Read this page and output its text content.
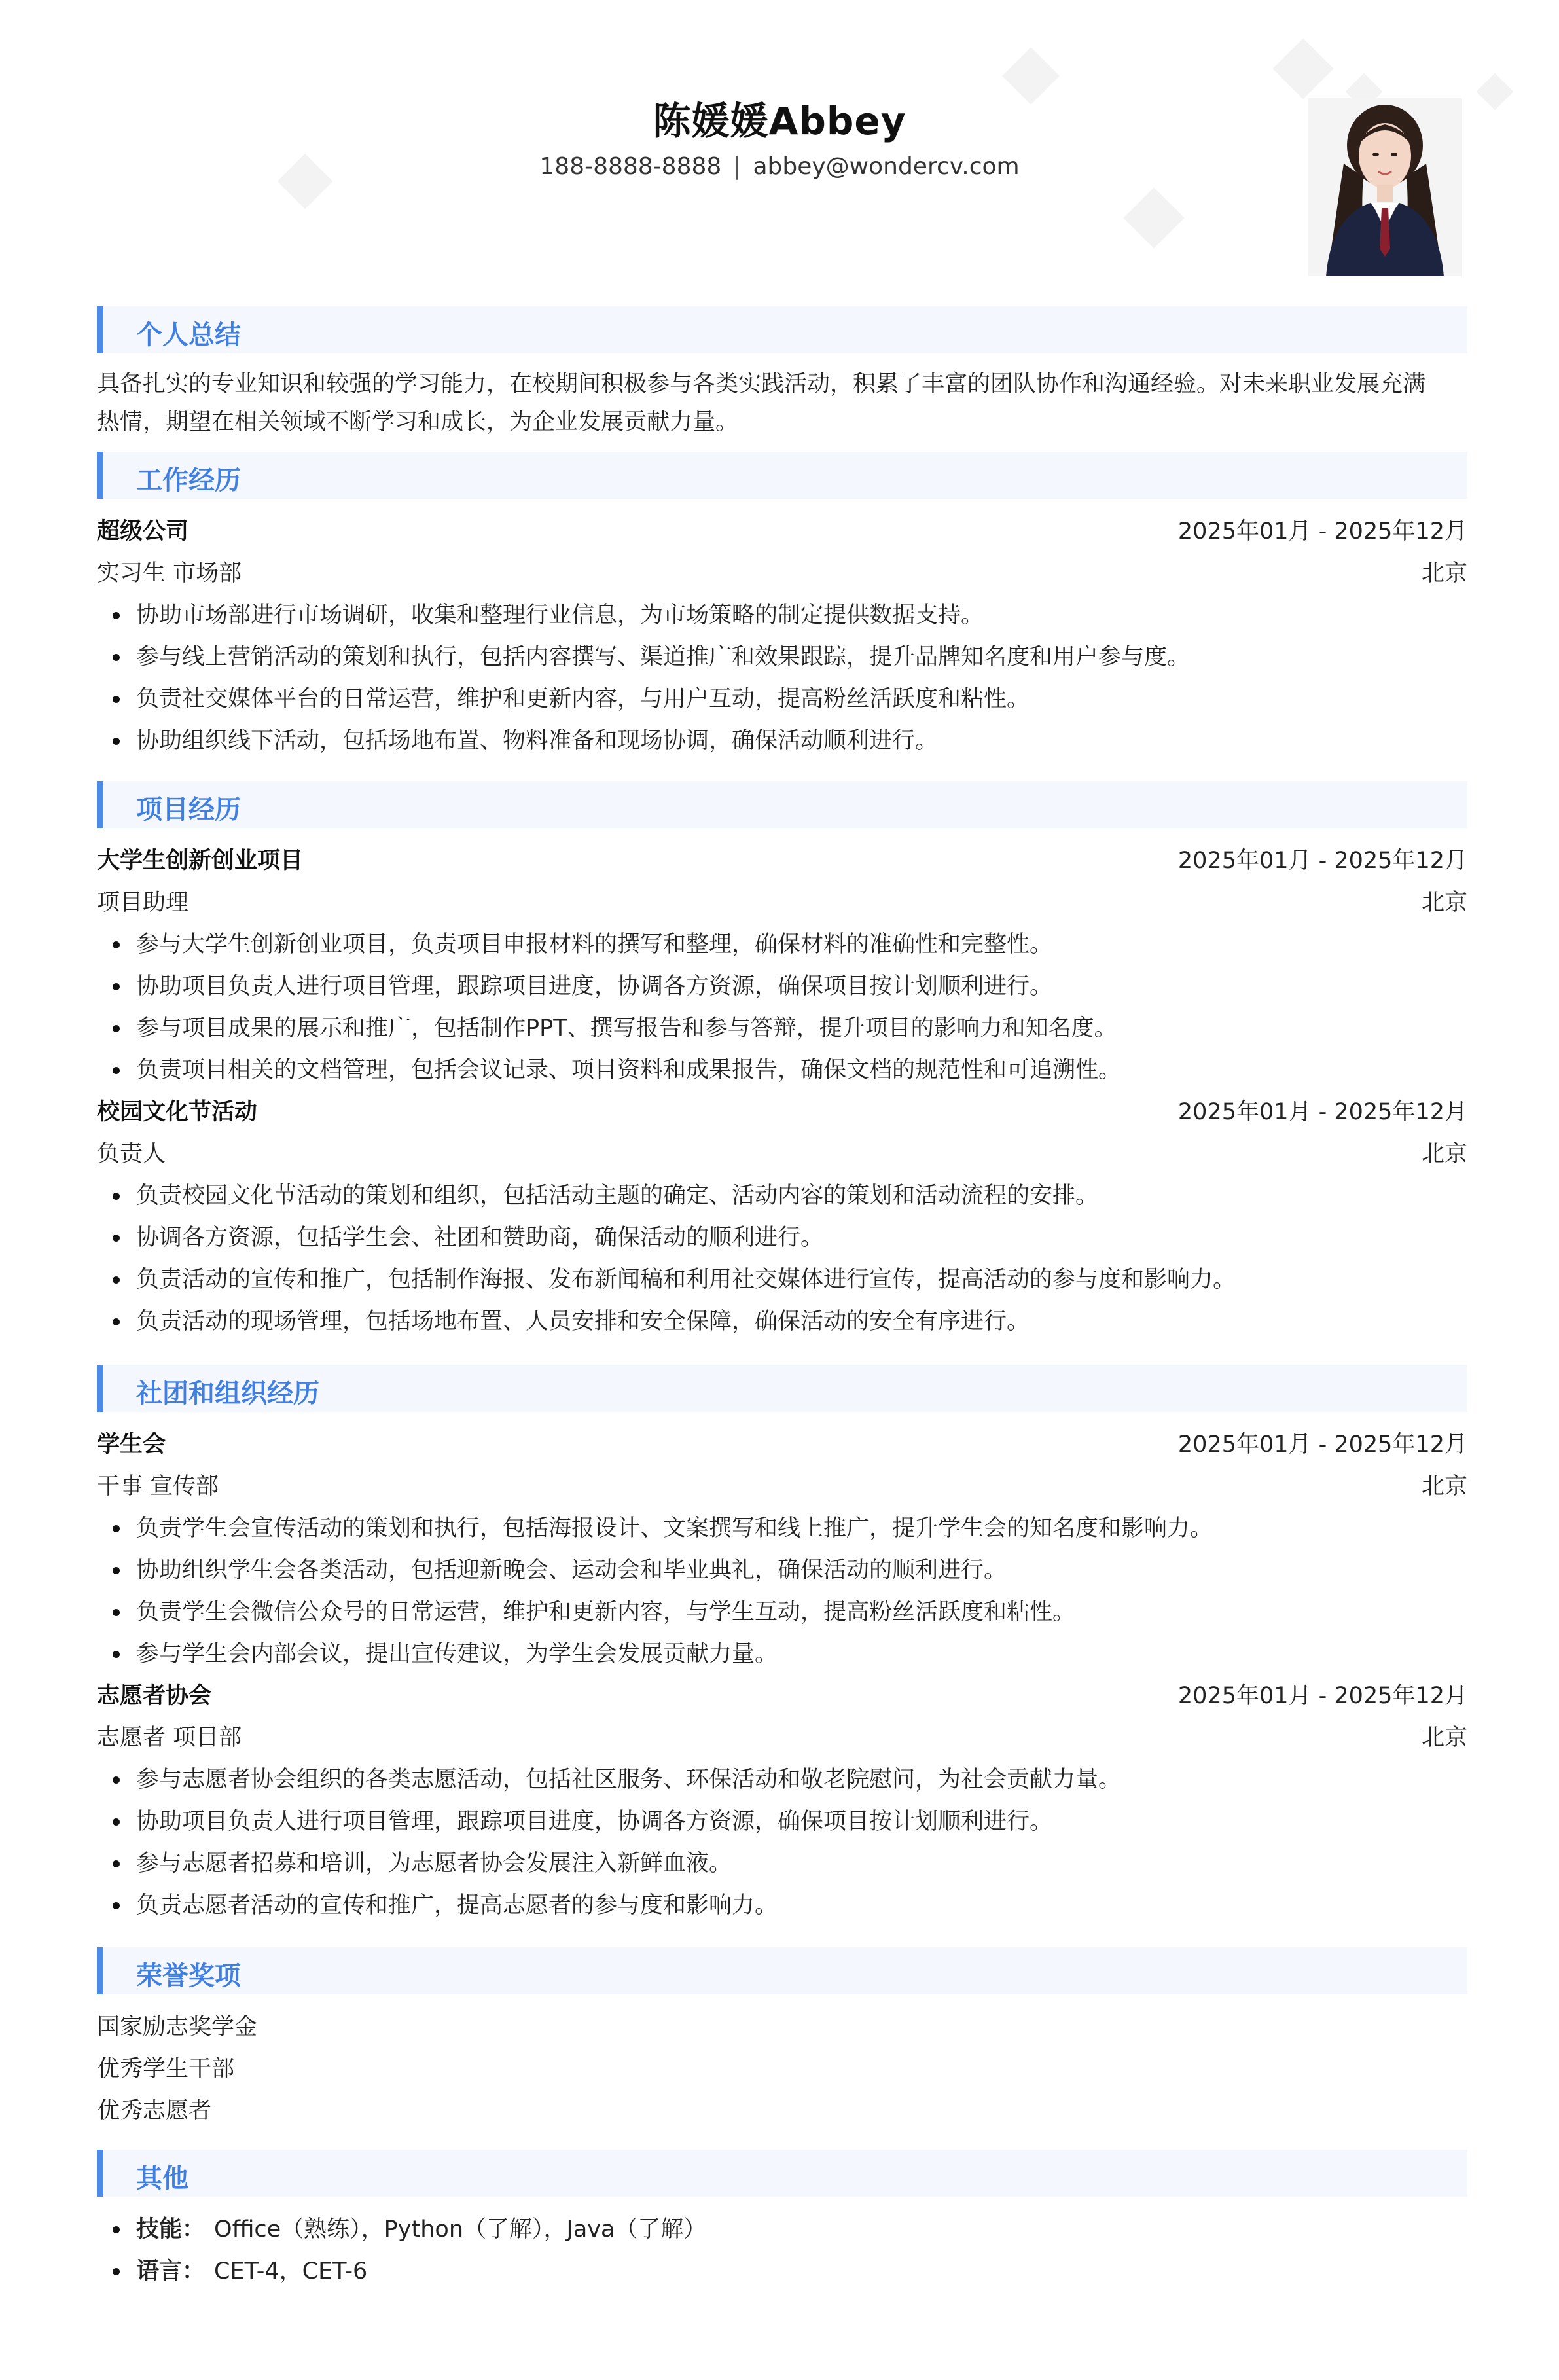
陈媛媛Abbey
188-8888-8888 | abbey@wondercv.com
个人总结
具备扎实的专业知识和较强的学习能力，在校期间积极参与各类实践活动，积累了丰富的团队协作和沟通经验。对未来职业发展充满热情，期望在相关领域不断学习和成长，为企业发展贡献力量。
工作经历
超级公司	2025年01月 - 2025年12月
实习生 市场部	北京
协助市场部进行市场调研，收集和整理行业信息，为市场策略的制定提供数据支持。
参与线上营销活动的策划和执行，包括内容撰写、渠道推广和效果跟踪，提升品牌知名度和用户参与度。
负责社交媒体平台的日常运营，维护和更新内容，与用户互动，提高粉丝活跃度和粘性。
协助组织线下活动，包括场地布置、物料准备和现场协调，确保活动顺利进行。
项目经历
大学生创新创业项目	2025年01月 - 2025年12月
项目助理	北京
参与大学生创新创业项目，负责项目申报材料的撰写和整理，确保材料的准确性和完整性。
协助项目负责人进行项目管理，跟踪项目进度，协调各方资源，确保项目按计划顺利进行。
参与项目成果的展示和推广，包括制作PPT、撰写报告和参与答辩，提升项目的影响力和知名度。
负责项目相关的文档管理，包括会议记录、项目资料和成果报告，确保文档的规范性和可追溯性。
校园文化节活动	2025年01月 - 2025年12月
负责人	北京
负责校园文化节活动的策划和组织，包括活动主题的确定、活动内容的策划和活动流程的安排。
协调各方资源，包括学生会、社团和赞助商，确保活动的顺利进行。
负责活动的宣传和推广，包括制作海报、发布新闻稿和利用社交媒体进行宣传，提高活动的参与度和影响力。
负责活动的现场管理，包括场地布置、人员安排和安全保障，确保活动的安全有序进行。
社团和组织经历
学生会	2025年01月 - 2025年12月
干事 宣传部	北京
负责学生会宣传活动的策划和执行，包括海报设计、文案撰写和线上推广，提升学生会的知名度和影响力。
协助组织学生会各类活动，包括迎新晚会、运动会和毕业典礼，确保活动的顺利进行。
负责学生会微信公众号的日常运营，维护和更新内容，与学生互动，提高粉丝活跃度和粘性。
参与学生会内部会议，提出宣传建议，为学生会发展贡献力量。
志愿者协会	2025年01月 - 2025年12月
志愿者 项目部	北京
参与志愿者协会组织的各类志愿活动，包括社区服务、环保活动和敬老院慰问，为社会贡献力量。
协助项目负责人进行项目管理，跟踪项目进度，协调各方资源，确保项目按计划顺利进行。
参与志愿者招募和培训，为志愿者协会发展注入新鲜血液。
负责志愿者活动的宣传和推广，提高志愿者的参与度和影响力。
荣誉奖项
国家励志奖学金
优秀学生干部
优秀志愿者
其他
技能： Office（熟练），Python（了解），Java（了解）
语言： CET-4，CET-6
